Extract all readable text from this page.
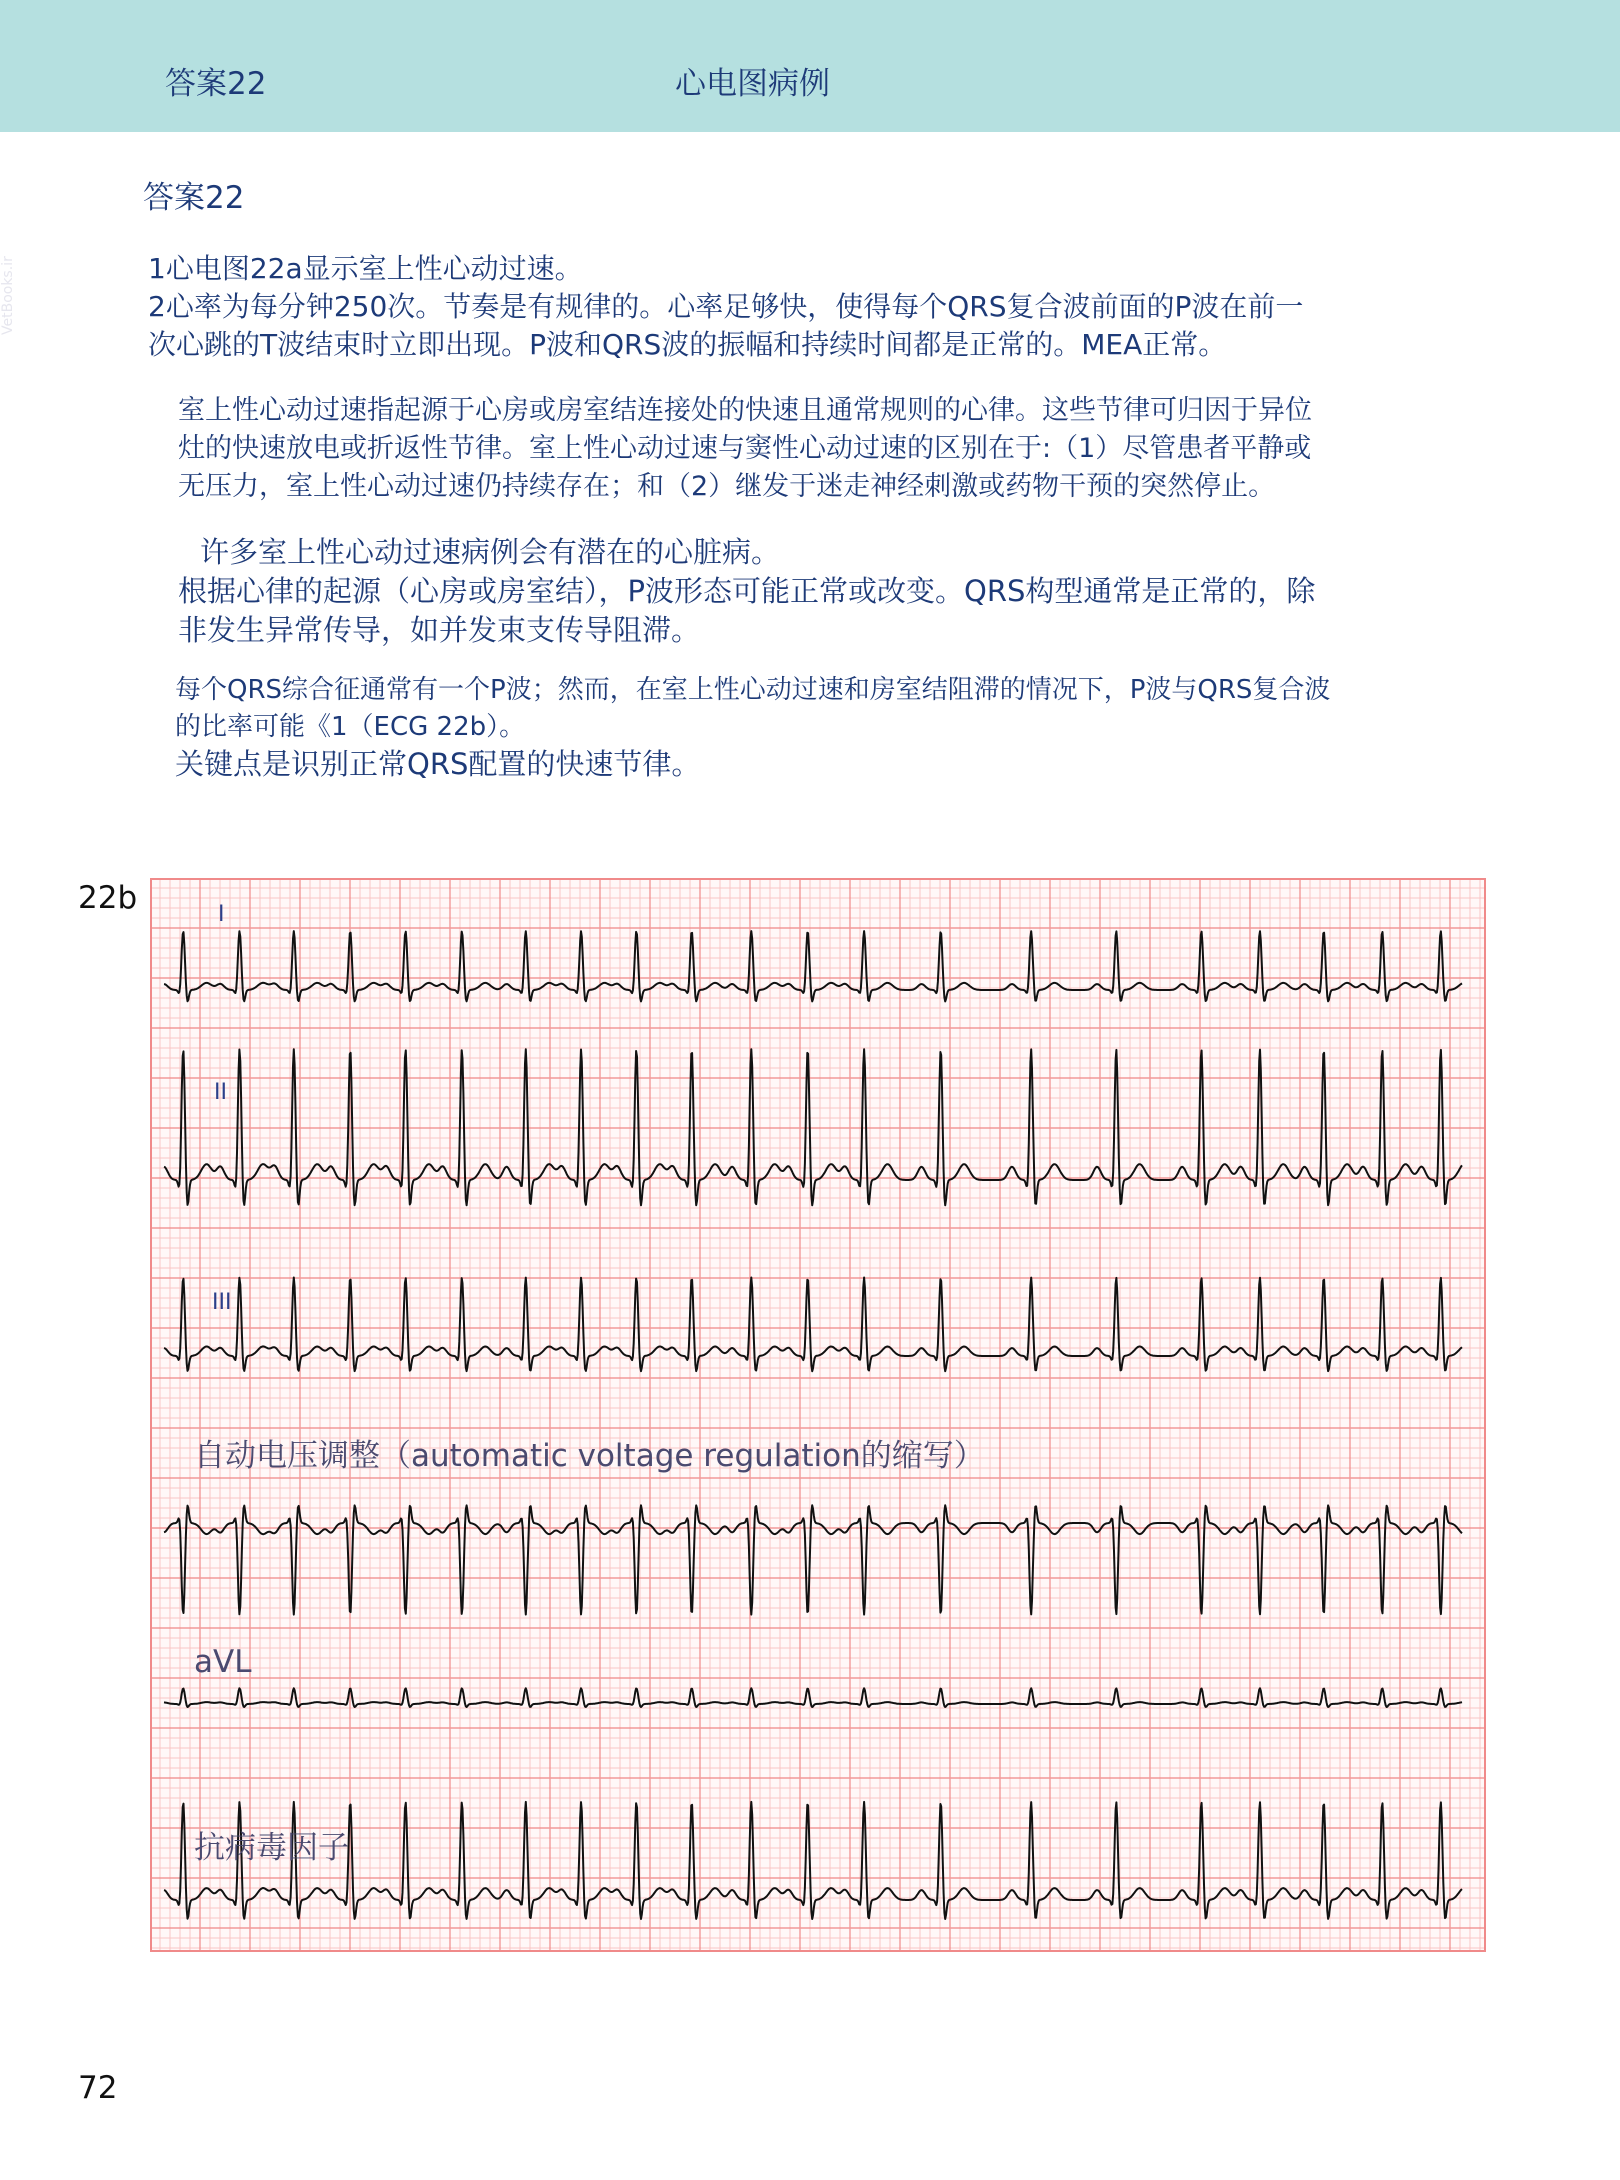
答案22	心电图病例
VetBooks.ir
答案22
1心电图22a显示室上性心动过速。
2心率为每分钟250次。节奏是有规律的。心率足够快，使得每个QRS复合波前面的P波在前一
次心跳的T波结束时立即出现。P波和QRS波的振幅和持续时间都是正常的。MEA正常。
室上性心动过速指起源于心房或房室结连接处的快速且通常规则的心律。这些节律可归因于异位
灶的快速放电或折返性节律。室上性心动过速与窦性心动过速的区别在于:（1）尽管患者平静或
无压力，室上性心动过速仍持续存在；和（2）继发于迷走神经刺激或药物干预的突然停止。
许多室上性心动过速病例会有潜在的心脏病。
根据心律的起源（心房或房室结），P波形态可能正常或改变。QRS构型通常是正常的，除
非发生异常传导，如并发束支传导阻滞。
每个QRS综合征通常有一个P波；然而，在室上性心动过速和房室结阻滞的情况下，P波与QRS复合波
的比率可能《1（ECG 22b）。
关键点是识别正常QRS配置的快速节律。
22b	I
II
III
自动电压调整（automatic voltage regulation的缩写）
aVL
抗病毒因子
72
